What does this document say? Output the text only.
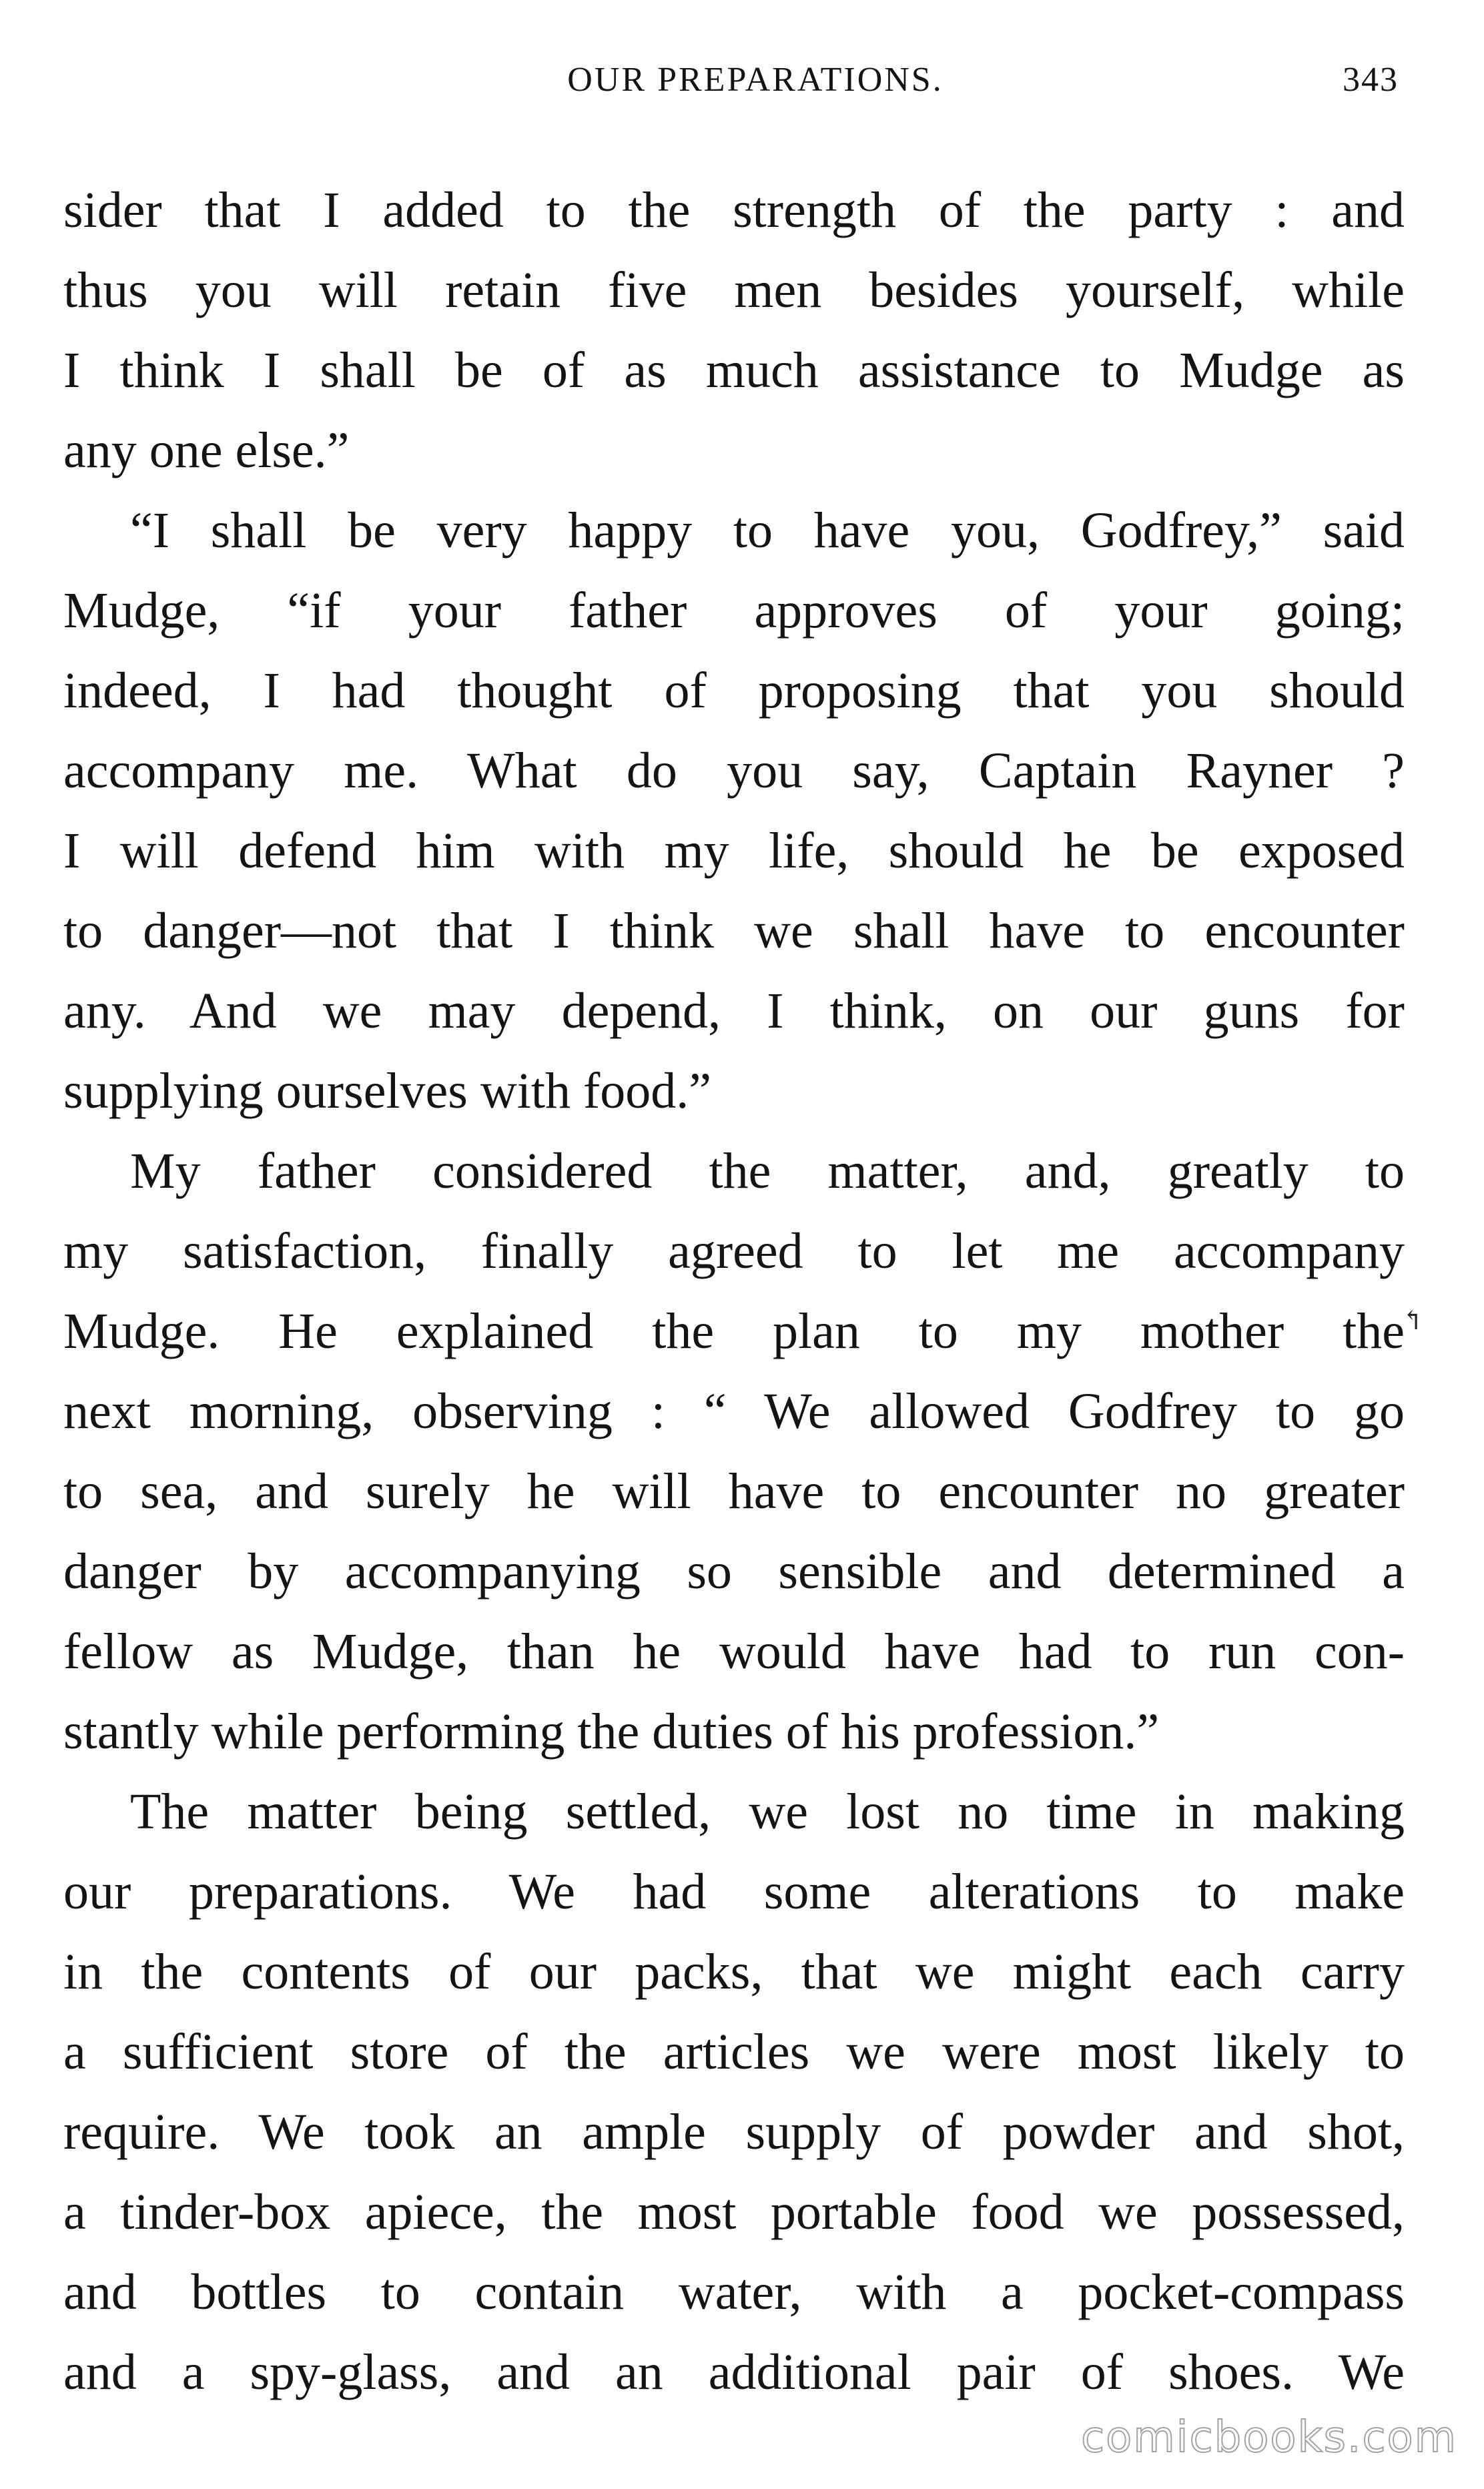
OUR PREPARATIONS.	343
sider that I added to the strength of the party : and
thus you will retain five men besides yourself, while
I think I shall be of as much assistance to Mudge as
any one else.”
“I shall be very happy to have you, Godfrey,” said
Mudge, “if your father approves of your going;
indeed, I had thought of proposing that you should
accompany me. What do you say, Captain Rayner ?
I will defend him with my life, should he be exposed
to danger—not that I think we shall have to encounter
any. And we may depend, I think, on our guns for
supplying ourselves with food.”
My father considered the matter, and, greatly to
my satisfaction, finally agreed to let me accompany
Mudge. He explained the plan to my mother the
next morning, observing : “ We allowed Godfrey to go
to sea, and surely he will have to encounter no greater
danger by accompanying so sensible and determined a
fellow as Mudge, than he would have had to run con-
stantly while performing the duties of his profession.”
The matter being settled, we lost no time in making
our preparations. We had some alterations to make
in the contents of our packs, that we might each carry
a sufficient store of the articles we were most likely to
require. We took an ample supply of powder and shot,
a tinder-box apiece, the most portable food we possessed,
and bottles to contain water, with a pocket-compass
and a spy-glass, and an additional pair of shoes. We
↰
comicbooks.com
